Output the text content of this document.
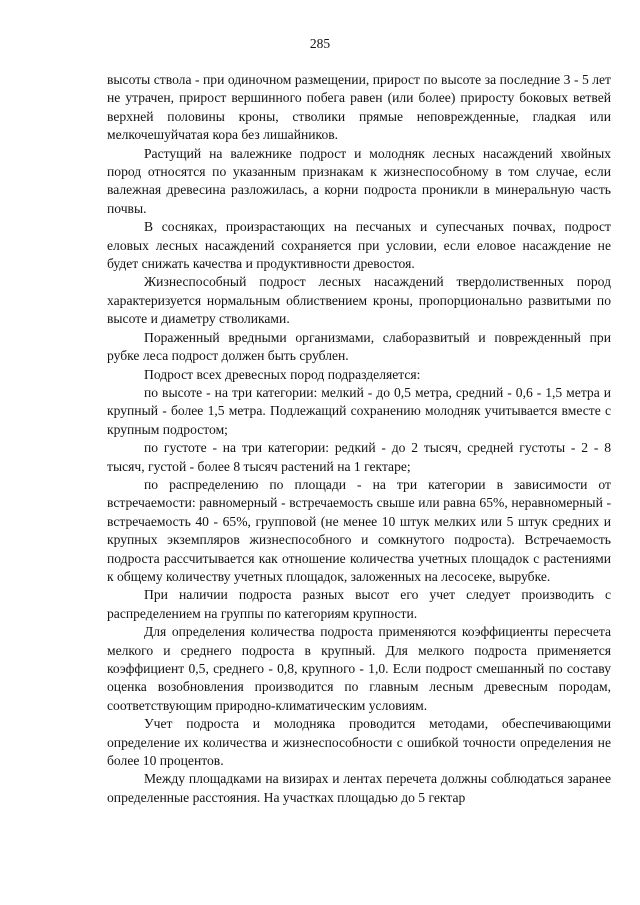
285

высоты ствола - при одиночном размещении, прирост по высоте за последние 3 - 5 лет не утрачен, прирост вершинного побега равен (или более) приросту боковых ветвей верхней половины кроны, стволики прямые неповрежденные, гладкая или мелкочешуйчатая кора без лишайников.

Растущий на валежнике подрост и молодняк лесных насаждений хвойных пород относятся по указанным признакам к жизнеспособному в том случае, если валежная древесина разложилась, а корни подроста проникли в минеральную часть почвы.

В сосняках, произрастающих на песчаных и супесчаных почвах, подрост еловых лесных насаждений сохраняется при условии, если еловое насаждение не будет снижать качества и продуктивности древостоя.

Жизнеспособный подрост лесных насаждений твердолиственных пород характеризуется нормальным облиствением кроны, пропорционально развитыми по высоте и диаметру стволиками.

Пораженный вредными организмами, слаборазвитый и поврежденный при рубке леса подрост должен быть срублен.

Подрост всех древесных пород подразделяется:

по высоте - на три категории: мелкий - до 0,5 метра, средний - 0,6 - 1,5 метра и крупный - более 1,5 метра. Подлежащий сохранению молодняк учитывается вместе с крупным подростом;

по густоте - на три категории: редкий - до 2 тысяч, средней густоты - 2 - 8 тысяч, густой - более 8 тысяч растений на 1 гектаре;

по распределению по площади - на три категории в зависимости от встречаемости: равномерный - встречаемость свыше или равна 65%, неравномерный - встречаемость 40 - 65%, групповой (не менее 10 штук мелких или 5 штук средних и крупных экземпляров жизнеспособного и сомкнутого подроста). Встречаемость подроста рассчитывается как отношение количества учетных площадок с растениями к общему количеству учетных площадок, заложенных на лесосеке, вырубке.

При наличии подроста разных высот его учет следует производить с распределением на группы по категориям крупности.

Для определения количества подроста применяются коэффициенты пересчета мелкого и среднего подроста в крупный. Для мелкого подроста применяется коэффициент 0,5, среднего - 0,8, крупного - 1,0. Если подрост смешанный по составу оценка возобновления производится по главным лесным древесным породам, соответствующим природно-климатическим условиям.

Учет подроста и молодняка проводится методами, обеспечивающими определение их количества и жизнеспособности с ошибкой точности определения не более 10 процентов.

Между площадками на визирах и лентах перечета должны соблюдаться заранее определенные расстояния. На участках площадью до 5 гектар
